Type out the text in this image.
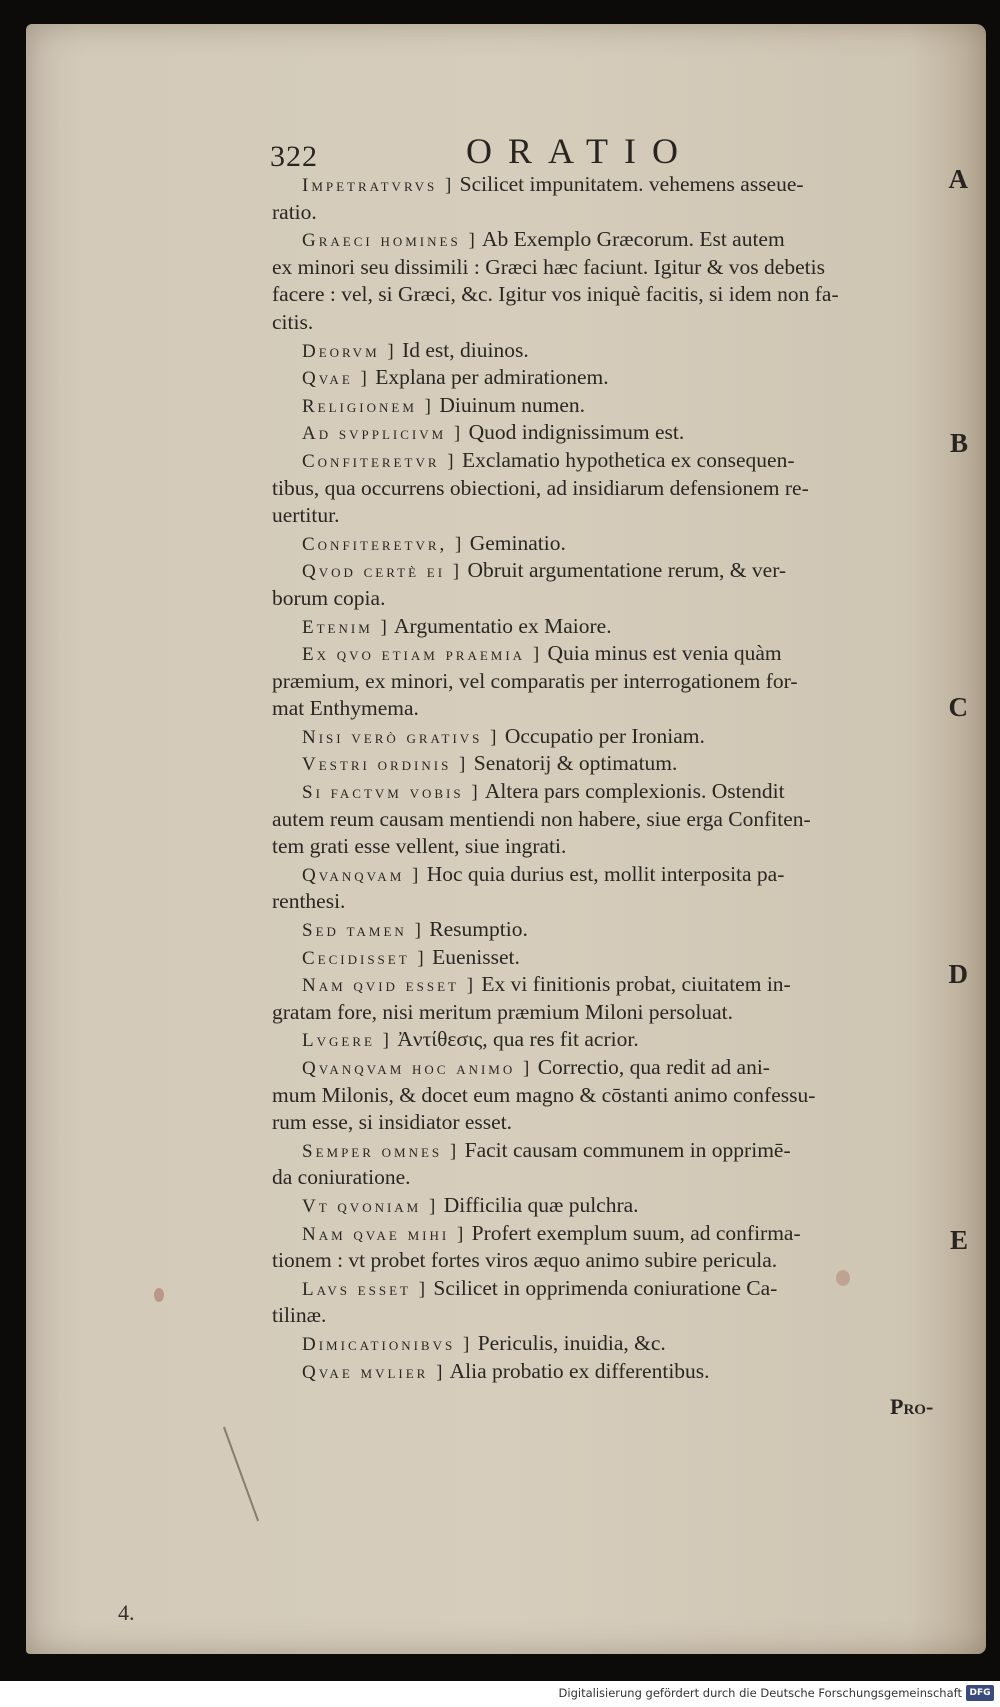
322	ORATIO
Impetratvrvs ] Scilicet impunitatem. vehemens asseue-
ratio.
Graeci homines ] Ab Exemplo Græcorum. Est autem
ex minori seu dissimili : Græci hæc faciunt. Igitur & vos debetis
facere : vel, si Græci, &c. Igitur vos iniquè facitis, si idem non fa-
citis.
Deorvm ] Id est, diuinos.
Qvae ] Explana per admirationem.
Religionem ] Diuinum numen.
Ad svpplicivm ] Quod indignissimum est.
Confiteretvr ] Exclamatio hypothetica ex consequen-
tibus, qua occurrens obiectioni, ad insidiarum defensionem re-
uertitur.
Confiteretvr, ] Geminatio.
Qvod certè ei ] Obruit argumentatione rerum, & ver-
borum copia.
Etenim ] Argumentatio ex Maiore.
Ex qvo etiam praemia ] Quia minus est venia quàm
præmium, ex minori, vel comparatis per interrogationem for-
mat Enthymema.
Nisi verò grativs ] Occupatio per Ironiam.
Vestri ordinis ] Senatorij & optimatum.
Si factvm vobis ] Altera pars complexionis. Ostendit
autem reum causam mentiendi non habere, siue erga Confiten-
tem grati esse vellent, siue ingrati.
Qvanqvam ] Hoc quia durius est, mollit interposita pa-
renthesi.
Sed tamen ] Resumptio.
Cecidisset ] Euenisset.
Nam qvid esset ] Ex vi finitionis probat, ciuitatem in-
gratam fore, nisi meritum præmium Miloni persoluat.
Lvgere ] Ἀντίθεσις, qua res fit acrior.
Qvanqvam hoc animo ] Correctio, qua redit ad ani-
mum Milonis, & docet eum magno & cōstanti animo confessu-
rum esse, si insidiator esset.
Semper omnes ] Facit causam communem in opprimē-
da coniuratione.
Vt qvoniam ] Difficilia quæ pulchra.
Nam qvae mihi ] Profert exemplum suum, ad confirma-
tionem : vt probet fortes viros æquo animo subire pericula.
Lavs esset ] Scilicet in opprimenda coniuratione Ca-
tilinæ.
Dimicationibvs ] Periculis, inuidia, &c.
Qvae mvlier ] Alia probatio ex differentibus.
A
B
C
D
E
Pro-
4.
Digitalisierung gefördert durch die Deutsche Forschungsgemeinschaft DFG
